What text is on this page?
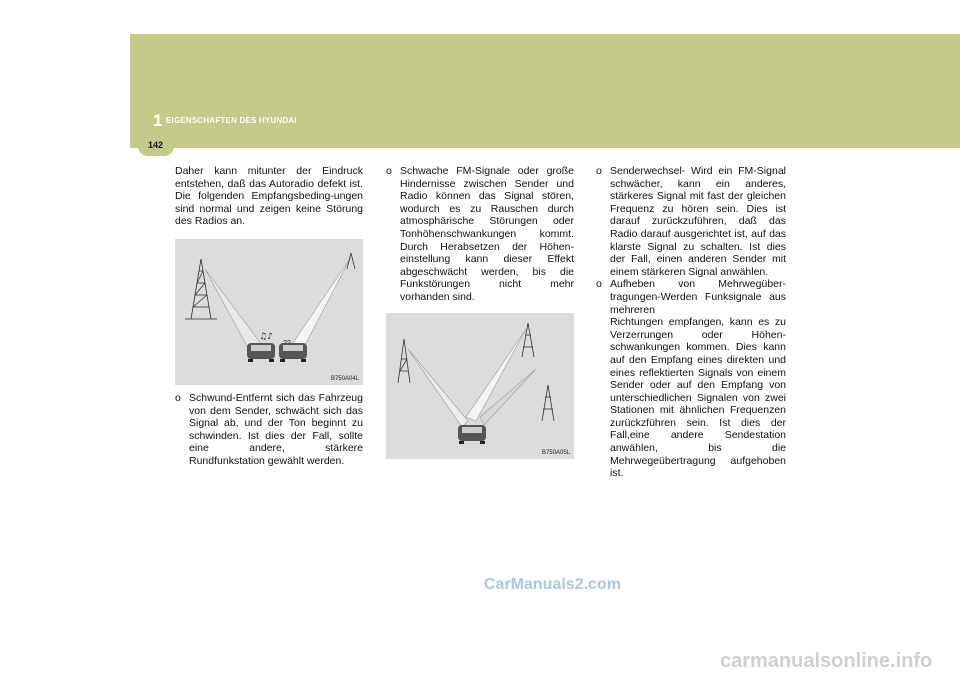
1 EIGENSCHAFTEN DES HYUNDAI
142

Daher kann mitunter der Eindruck entstehen, daß das Autoradio defekt ist. Die folgenden Empfangsbeding-ungen sind normal und zeigen keine Störung des Radios an.

♫♪
??
B750A04L

o Schwund-Entfernt sich das Fahrzeug von dem Sender, schwächt sich das Signal ab, und der Ton beginnt zu schwinden. Ist dies der Fall, sollte eine andere, stärkere Rundfunkstation gewählt werden.

o Schwache FM-Signale oder große Hindernisse zwischen Sender und Radio können das Signal stören, wodurch es zu Rauschen durch atmosphärische Störungen oder Tonhöhenschwankungen kommt. Durch Herabsetzen der Höhen-einstellung kann dieser Effekt abgeschwächt werden, bis die Funkstörungen nicht mehr vorhanden sind.

B750A05L

o Senderwechsel- Wird ein FM-Signal schwächer, kann ein anderes, stärkeres Signal mit fast der gleichen Frequenz zu hören sein. Dies ist darauf zurückzuführen, daß das Radio darauf ausgerichtet ist, auf das klarste Signal zu schalten. Ist dies der Fall, einen anderen Sender mit einem stärkeren Signal anwählen.

o Aufheben von Mehrwegüber-tragungen-Werden Funksignale aus mehreren
Richtungen empfangen, kann es zu Verzerrungen oder Höhen-schwankungen kommen. Dies kann auf den Empfang eines direkten und eines reflektierten Signals von einem Sender oder auf den Empfang von unterschiedlichen Signalen von zwei Stationen mit ähnlichen Frequenzen zurückzführen sein. Ist dies der Fall,eine andere Sendestation anwählen, bis die Mehrwegeübertragung aufgehoben ist.

CarManuals2.com
carmanualsonline.info
